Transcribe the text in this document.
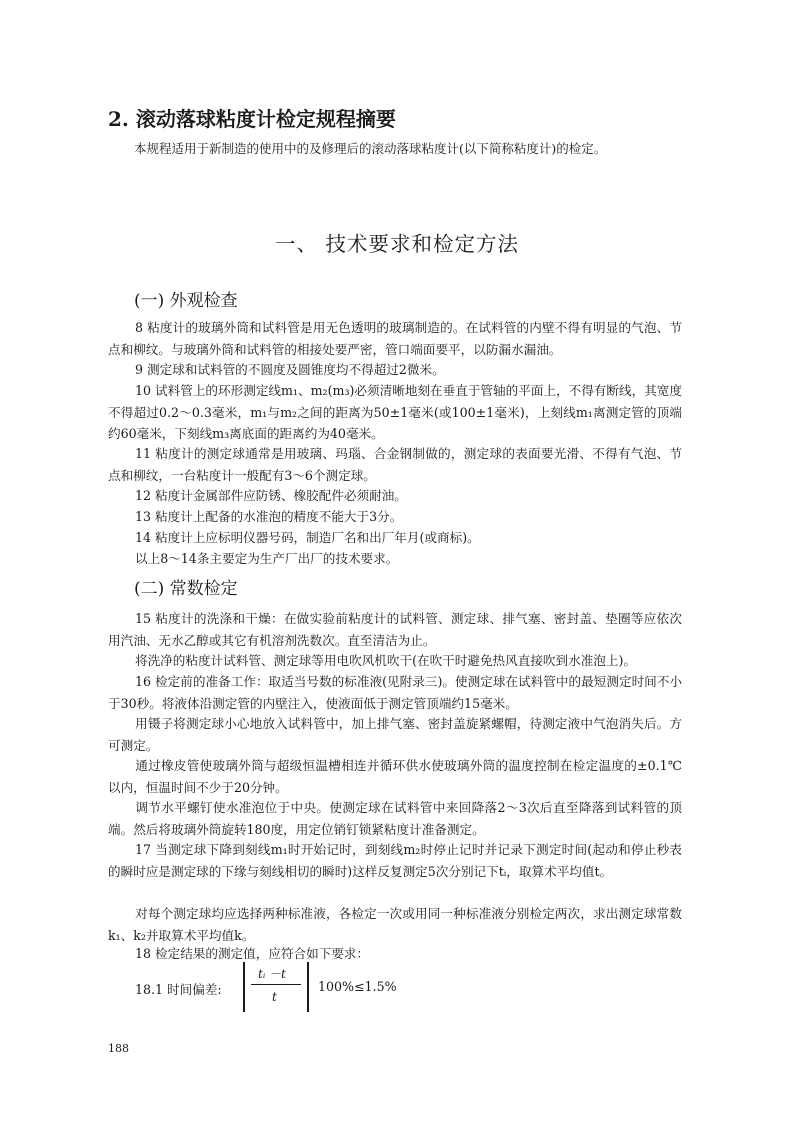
2. 滚动落球粘度计检定规程摘要
本规程适用于新制造的使用中的及修理后的滚动落球粘度计(以下简称粘度计)的检定。
一、 技术要求和检定方法
(一) 外观检查
8 粘度计的玻璃外筒和试料管是用无色透明的玻璃制造的。在试料管的内壁不得有明显的气泡、节点和柳纹。与玻璃外筒和试料管的相接处要严密，管口端面要平，以防漏水漏油。
9 测定球和试料管的不圆度及圆锥度均不得超过2微米。
10 试料管上的环形测定线m₁、m₂(m₃)必须清晰地刻在垂直于管轴的平面上，不得有断线，其宽度不得超过0.2～0.3毫米，m₁与m₂之间的距离为50±1毫米(或100±1毫米)，上刻线m₁离测定管的顶端约60毫米，下刻线m₃离底面的距离约为40毫米。
11 粘度计的测定球通常是用玻璃、玛瑙、合金钢制做的，测定球的表面要光滑、不得有气泡、节点和柳纹，一台粘度计一般配有3～6个测定球。
12 粘度计金属部件应防锈、橡胶配件必须耐油。
13 粘度计上配备的水准泡的精度不能大于3分。
14 粘度计上应标明仪器号码，制造厂名和出厂年月(或商标)。
以上8～14条主要定为生产厂出厂的技术要求。
(二) 常数检定
15 粘度计的洗涤和干燥：在做实验前粘度计的试料管、测定球、排气塞、密封盖、垫圈等应依次用汽油、无水乙醇或其它有机溶剂洗数次。直至清洁为止。
将洗净的粘度计试料管、测定球等用电吹风机吹干(在吹干时避免热风直接吹到水准泡上)。
16 检定前的准备工作：取适当号数的标准液(见附录三)。使测定球在试料管中的最短测定时间不小于30秒。将液体沿测定管的内壁注入，使液面低于测定管顶端约15毫米。
用镊子将测定球小心地放入试料管中，加上排气塞、密封盖旋紧螺帽，待测定液中气泡消失后。方可测定。
通过橡皮管使玻璃外筒与超级恒温槽相连并循环供水使玻璃外筒的温度控制在检定温度的±0.1℃以内，恒温时间不少于20分钟。
调节水平螺钉使水准泡位于中央。使测定球在试料管中来回降落2～3次后直至降落到试料管的顶端。然后将玻璃外筒旋转180度，用定位销钉锁紧粘度计准备测定。
17 当测定球下降到刻线m₁时开始记时，到刻线m₂时停止记时并记录下测定时间(起动和停止秒表的瞬时应是测定球的下缘与刻线相切的瞬时)这样反复测定5次分别记下tᵢ，取算术平均值t。
对每个测定球均应选择两种标准液，各检定一次或用同一种标准液分别检定两次，求出测定球常数k₁、k₂并取算术平均值k。
18 检定结果的测定值，应符合如下要求：
18.1 时间偏差:
tᵢ －t
t
100%≤1.5%
188
